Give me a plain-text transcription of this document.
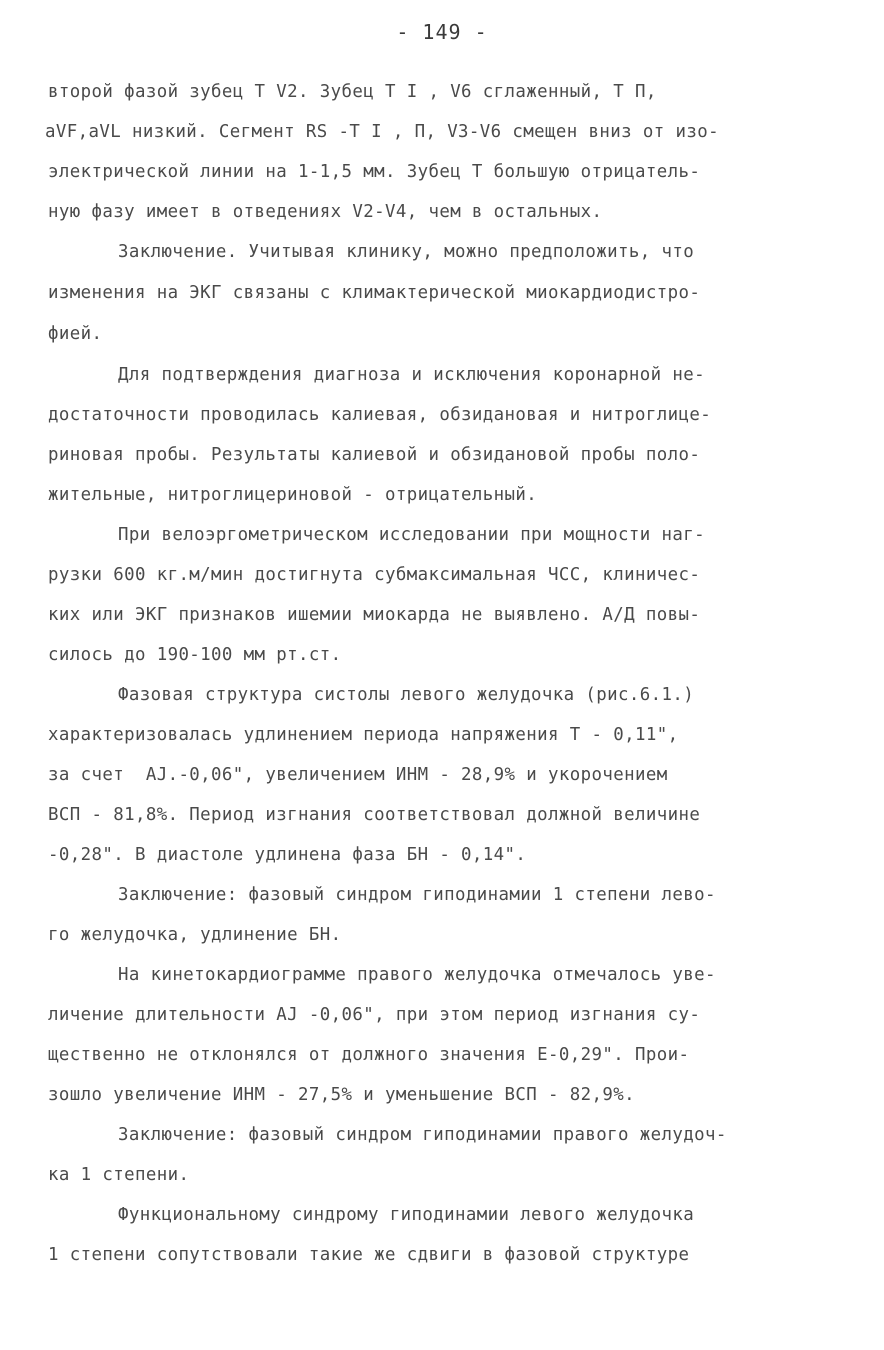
- 149 -
второй фазой зубец Т V2. Зубец Т I , V6 сглаженный, Т П,
aVF,aVL низкий. Сегмент RS -Т I , П, V3-V6 смещен вниз от изо-
электрической линии на 1-1,5 мм. Зубец Т большую отрицатель-
ную фазу имеет в отведениях V2-V4, чем в остальных.
Заключение. Учитывая клинику, можно предположить, что
изменения на ЭКГ связаны с климактерической миокардиодистро-
фией.
Для подтверждения диагноза и исключения коронарной не-
достаточности проводилась калиевая, обзидановая и нитроглице-
риновая пробы. Результаты калиевой и обзидановой пробы поло-
жительные, нитроглицериновой - отрицательный.
При велоэргометрическом исследовании при мощности наг-
рузки 600 кг.м/мин достигнута субмаксимальная ЧСС, клиничес-
ких или ЭКГ признаков ишемии миокарда не выявлено. А/Д повы-
силось до 190-100 мм рт.ст.
Фазовая структура систолы левого желудочка (рис.6.1.)
характеризовалась удлинением периода напряжения Т - 0,11",
за счет  AJ.-0,06", увеличением ИНМ - 28,9% и укорочением
ВСП - 81,8%. Период изгнания соответствовал должной величине
-0,28". В диастоле удлинена фаза БН - 0,14".
Заключение: фазовый синдром гиподинамии 1 степени лево-
го желудочка, удлинение БН.
На кинетокардиограмме правого желудочка отмечалось уве-
личение длительности AJ -0,06", при этом период изгнания су-
щественно не отклонялся от должного значения E-0,29". Прои-
зошло увеличение ИНМ - 27,5% и уменьшение ВСП - 82,9%.
Заключение: фазовый синдром гиподинамии правого желудоч-
ка 1 степени.
Функциональному синдрому гиподинамии левого желудочка
1 степени сопутствовали такие же сдвиги в фазовой структуре
